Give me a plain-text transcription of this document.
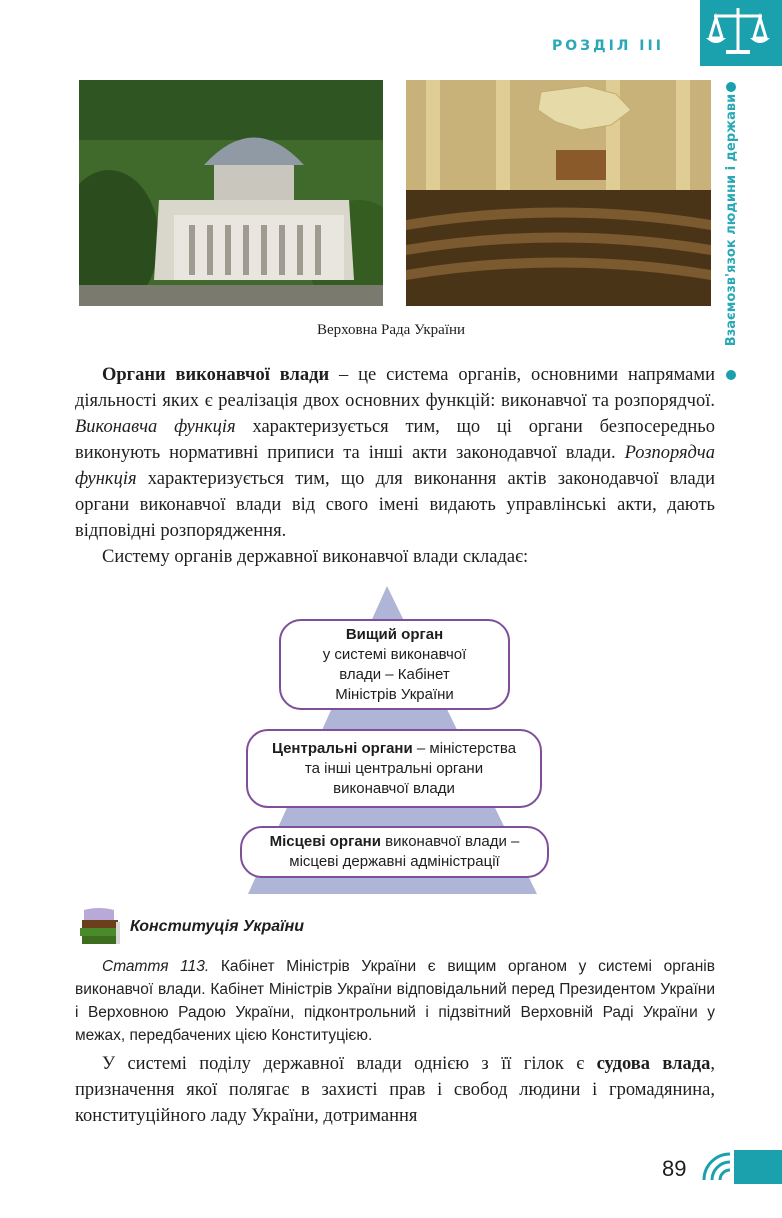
РОЗДІЛ ІІІ
Взаємозв'язок людини і держави
Верховна Рада України

Органи виконавчої влади – це система органів, основними напрямами діяльності яких є реалізація двох основних функцій: виконавчої та розпорядчої. Виконавча функція характеризується тим, що ці органи безпосередньо виконують нормативні приписи та інші акти законодавчої влади. Розпорядча функція характеризується тим, що для виконання актів законодавчої влади органи виконавчої влади від свого імені видають управлінські акти, дають відповідні розпорядження.

Систему органів державної виконавчої влади складає:

Вищий орган
у системі виконавчої
влади – Кабінет
Міністрів України
Центральні органи – міністерства
та інші центральні органи
виконавчої влади
Місцеві органи виконавчої влади –
місцеві державні адміністрації
Конституція України

Стаття 113. Кабінет Міністрів України є вищим органом у системі органів виконавчої влади. Кабінет Міністрів України відповідальний перед Президентом України і Верховною Радою України, підконтрольний і підзвітний Верховній Раді України у межах, передбачених цією Конституцією.

У системі поділу державної влади однією з її гілок є судова влада, призначення якої полягає в захисті прав і свобод людини і громадянина, конституційного ладу України, дотримання

89
